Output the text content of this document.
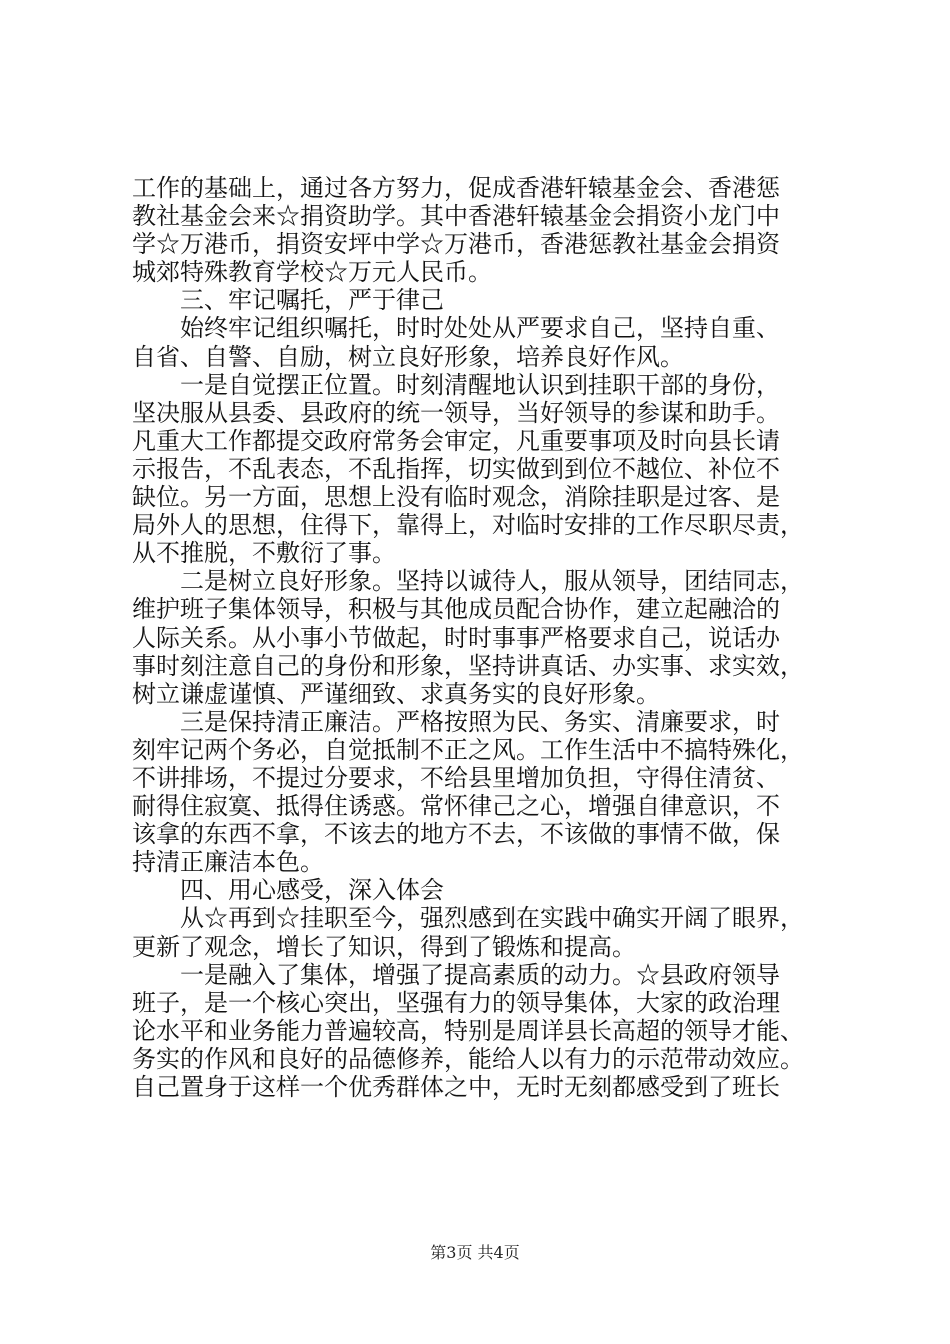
工作的基础上，通过各方努力，促成香港轩辕基金会、香港惩
教社基金会来☆捐资助学。其中香港轩辕基金会捐资小龙门中
学☆万港币，捐资安坪中学☆万港币，香港惩教社基金会捐资
城郊特殊教育学校☆万元人民币。
　　三、牢记嘱托，严于律己
　　始终牢记组织嘱托，时时处处从严要求自己，坚持自重、
自省、自警、自励，树立良好形象，培养良好作风。
　　一是自觉摆正位置。时刻清醒地认识到挂职干部的身份，
坚决服从县委、县政府的统一领导，当好领导的参谋和助手。
凡重大工作都提交政府常务会审定，凡重要事项及时向县长请
示报告，不乱表态，不乱指挥，切实做到到位不越位、补位不
缺位。另一方面，思想上没有临时观念，消除挂职是过客、是
局外人的思想，住得下，靠得上，对临时安排的工作尽职尽责，
从不推脱，不敷衍了事。
　　二是树立良好形象。坚持以诚待人，服从领导，团结同志，
维护班子集体领导，积极与其他成员配合协作，建立起融洽的
人际关系。从小事小节做起，时时事事严格要求自己，说话办
事时刻注意自己的身份和形象，坚持讲真话、办实事、求实效，
树立谦虚谨慎、严谨细致、求真务实的良好形象。
　　三是保持清正廉洁。严格按照为民、务实、清廉要求，时
刻牢记两个务必，自觉抵制不正之风。工作生活中不搞特殊化，
不讲排场，不提过分要求，不给县里增加负担，守得住清贫、
耐得住寂寞、抵得住诱惑。常怀律己之心，增强自律意识，不
该拿的东西不拿，不该去的地方不去，不该做的事情不做，保
持清正廉洁本色。
　　四、用心感受，深入体会
　　从☆再到☆挂职至今，强烈感到在实践中确实开阔了眼界，
更新了观念，增长了知识，得到了锻炼和提高。
　　一是融入了集体，增强了提高素质的动力。☆县政府领导
班子，是一个核心突出，坚强有力的领导集体，大家的政治理
论水平和业务能力普遍较高，特别是周详县长高超的领导才能、
务实的作风和良好的品德修养，能给人以有力的示范带动效应。
自己置身于这样一个优秀群体之中，无时无刻都感受到了班长
第3页 共4页
